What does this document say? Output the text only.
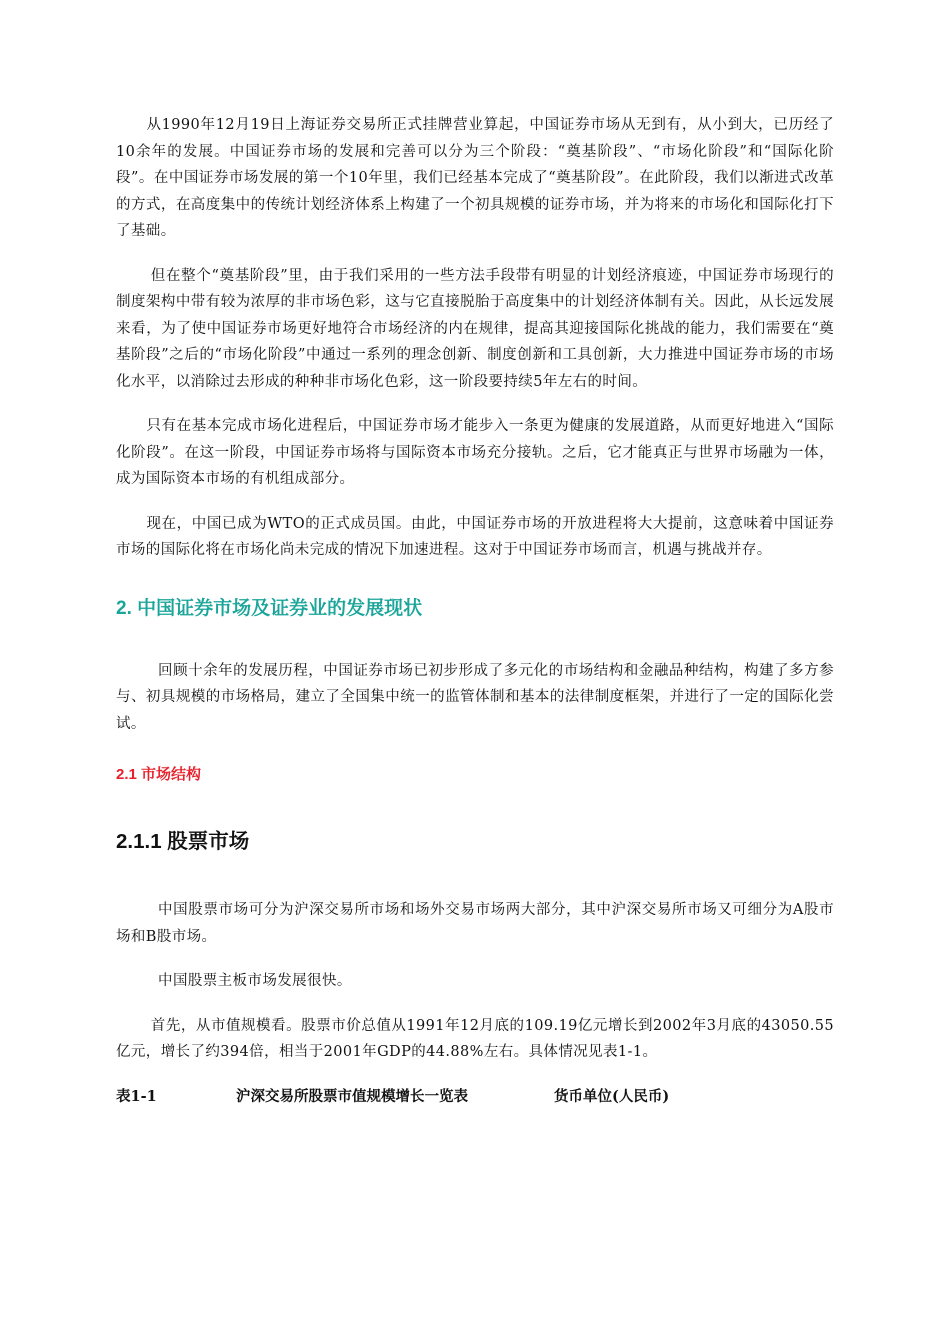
从1990年12月19日上海证券交易所正式挂牌营业算起，中国证券市场从无到有，从小到大，已历经了10余年的发展。中国证券市场的发展和完善可以分为三个阶段：“奠基阶段”、“市场化阶段”和“国际化阶段”。在中国证券市场发展的第一个10年里，我们已经基本完成了“奠基阶段”。在此阶段，我们以渐进式改革的方式，在高度集中的传统计划经济体系上构建了一个初具规模的证券市场，并为将来的市场化和国际化打下了基础。

但在整个“奠基阶段”里，由于我们采用的一些方法手段带有明显的计划经济痕迹，中国证券市场现行的制度架构中带有较为浓厚的非市场色彩，这与它直接脱胎于高度集中的计划经济体制有关。因此，从长远发展来看，为了使中国证券市场更好地符合市场经济的内在规律，提高其迎接国际化挑战的能力，我们需要在“奠基阶段”之后的“市场化阶段”中通过一系列的理念创新、制度创新和工具创新，大力推进中国证券市场的市场化水平，以消除过去形成的种种非市场化色彩，这一阶段要持续5年左右的时间。

只有在基本完成市场化进程后，中国证券市场才能步入一条更为健康的发展道路，从而更好地进入“国际化阶段”。在这一阶段，中国证券市场将与国际资本市场充分接轨。之后，它才能真正与世界市场融为一体，成为国际资本市场的有机组成部分。

现在，中国已成为WTO的正式成员国。由此，中国证券市场的开放进程将大大提前，这意味着中国证券市场的国际化将在市场化尚未完成的情况下加速进程。这对于中国证券市场而言，机遇与挑战并存。

2. 中国证券市场及证券业的发展现状

回顾十余年的发展历程，中国证券市场已初步形成了多元化的市场结构和金融品种结构，构建了多方参与、初具规模的市场格局，建立了全国集中统一的监管体制和基本的法律制度框架，并进行了一定的国际化尝试。

2.1 市场结构
2.1.1 股票市场

中国股票市场可分为沪深交易所市场和场外交易市场两大部分，其中沪深交易所市场又可细分为A股市场和B股市场。

中国股票主板市场发展很快。

首先，从市值规模看。股票市价总值从1991年12月底的109.19亿元增长到2002年3月底的43050.55亿元，增长了约394倍，相当于2001年GDP的44.88%左右。具体情况见表1-1。

表1-1	沪深交易所股票市值规模增长一览表	货币单位(人民币)
